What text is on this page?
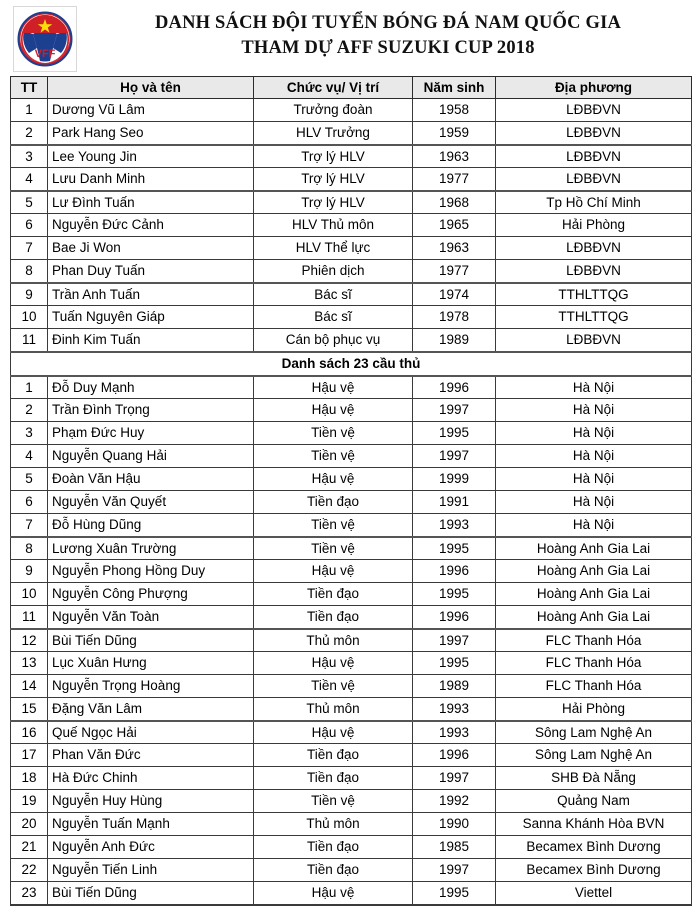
VFF
DANH SÁCH ĐỘI TUYỂN BÓNG ĐÁ NAM QUỐC GIA
THAM DỰ AFF SUZUKI CUP 2018
TT	Họ và tên	Chức vụ/ Vị trí	Năm sinh	Địa phương
1	Dương Vũ Lâm	Trưởng đoàn	1958	LĐBĐVN
2	Park Hang Seo	HLV Trưởng	1959	LĐBĐVN
3	Lee Young Jin	Trợ lý HLV	1963	LĐBĐVN
4	Lưu Danh Minh	Trợ lý HLV	1977	LĐBĐVN
5	Lư Đình Tuấn	Trợ lý HLV	1968	Tp Hồ Chí Minh
6	Nguyễn Đức Cảnh	HLV Thủ môn	1965	Hải Phòng
7	Bae Ji Won	HLV Thể lực	1963	LĐBĐVN
8	Phan Duy Tuấn	Phiên dịch	1977	LĐBĐVN
9	Trần Anh Tuấn	Bác sĩ	1974	TTHLTTQG
10	Tuấn Nguyên Giáp	Bác sĩ	1978	TTHLTTQG
11	Đinh Kim Tuấn	Cán bộ phục vụ	1989	LĐBĐVN
Danh sách 23 cầu thủ				
1	Đỗ Duy Mạnh	Hậu vệ	1996	Hà Nội
2	Trần Đình Trọng	Hậu vệ	1997	Hà Nội
3	Phạm Đức Huy	Tiền vệ	1995	Hà Nội
4	Nguyễn Quang Hải	Tiền vệ	1997	Hà Nội
5	Đoàn Văn Hậu	Hậu vệ	1999	Hà Nội
6	Nguyễn Văn Quyết	Tiền đạo	1991	Hà Nội
7	Đỗ Hùng Dũng	Tiền vệ	1993	Hà Nội
8	Lương Xuân Trường	Tiền vệ	1995	Hoàng Anh Gia Lai
9	Nguyễn Phong Hồng Duy	Hậu vệ	1996	Hoàng Anh Gia Lai
10	Nguyễn Công Phượng	Tiền đạo	1995	Hoàng Anh Gia Lai
11	Nguyễn Văn Toàn	Tiền đạo	1996	Hoàng Anh Gia Lai
12	Bùi Tiến Dũng	Thủ môn	1997	FLC Thanh Hóa
13	Lục Xuân Hưng	Hậu vệ	1995	FLC Thanh Hóa
14	Nguyễn Trọng Hoàng	Tiền vệ	1989	FLC Thanh Hóa
15	Đặng Văn Lâm	Thủ môn	1993	Hải Phòng
16	Quế Ngọc Hải	Hậu vệ	1993	Sông Lam Nghệ An
17	Phan Văn Đức	Tiền đạo	1996	Sông Lam Nghệ An
18	Hà Đức Chinh	Tiền đạo	1997	SHB Đà Nẵng
19	Nguyễn Huy Hùng	Tiền vệ	1992	Quảng Nam
20	Nguyễn Tuấn Mạnh	Thủ môn	1990	Sanna Khánh Hòa BVN
21	Nguyễn Anh Đức	Tiền đạo	1985	Becamex Bình Dương
22	Nguyễn Tiến Linh	Tiền đạo	1997	Becamex Bình Dương
23	Bùi Tiến Dũng	Hậu vệ	1995	Viettel
